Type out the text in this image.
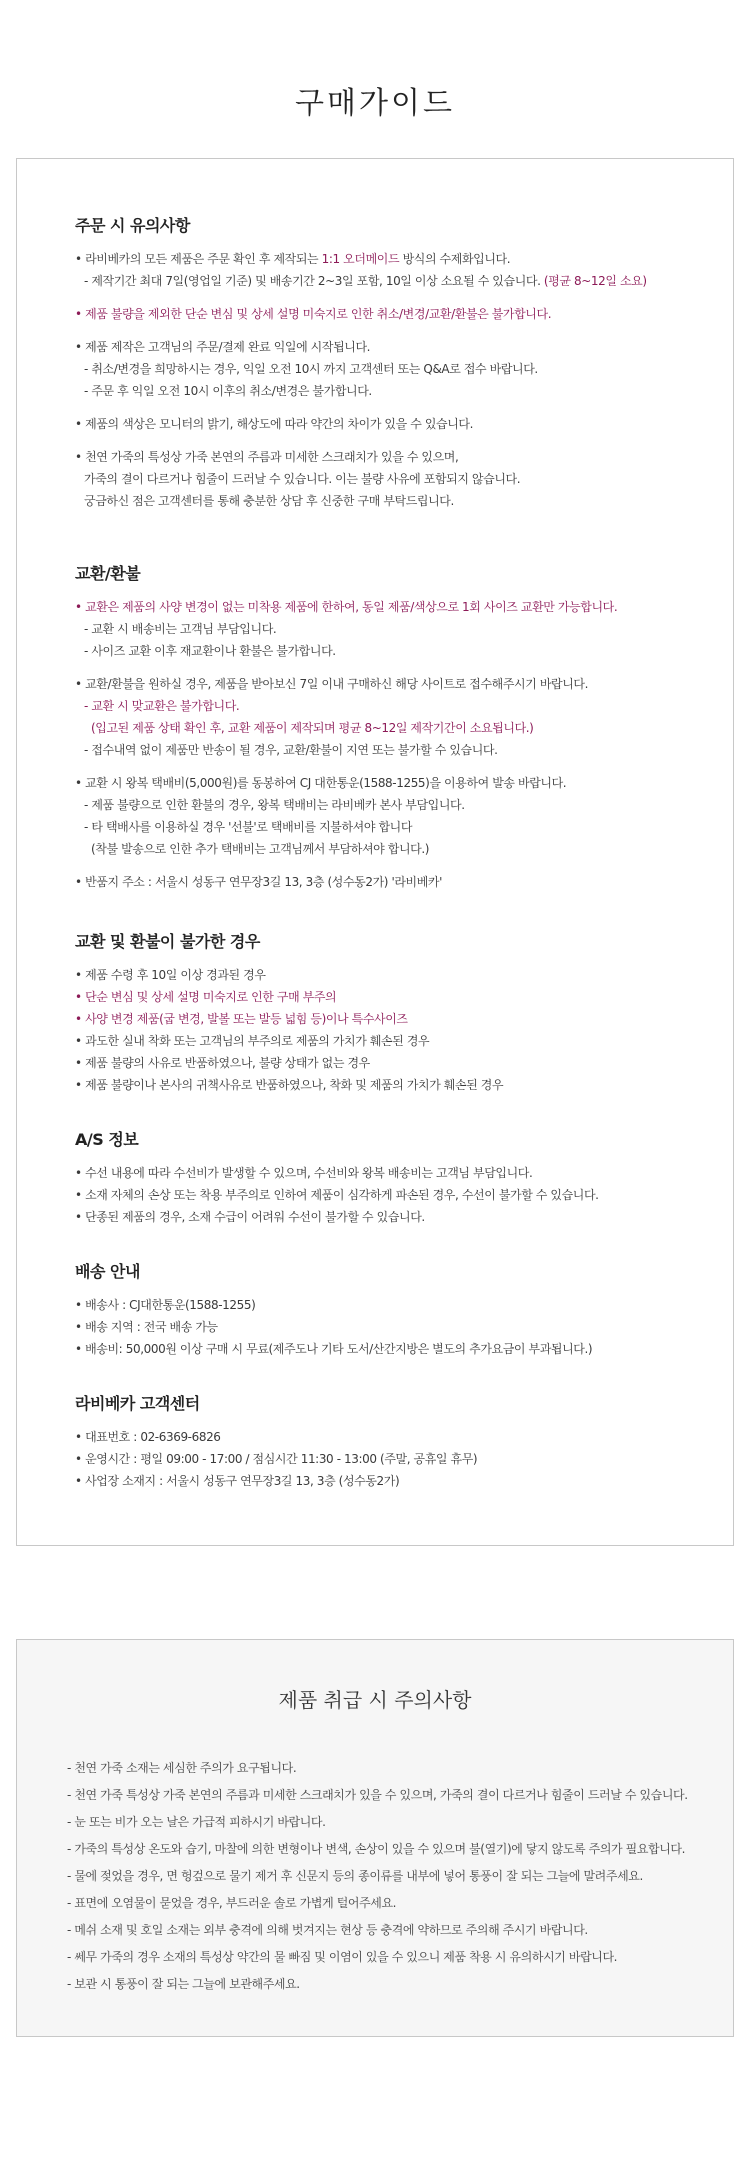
구매가이드
주문 시 유의사항
• 라비베카의 모든 제품은 주문 확인 후 제작되는 1:1 오더메이드 방식의 수제화입니다.
- 제작기간 최대 7일(영업일 기준) 및 배송기간 2~3일 포함, 10일 이상 소요될 수 있습니다. (평균 8~12일 소요)
• 제품 불량을 제외한 단순 변심 및 상세 설명 미숙지로 인한 취소/변경/교환/환불은 불가합니다.
• 제품 제작은 고객님의 주문/결제 완료 익일에 시작됩니다.
- 취소/변경을 희망하시는 경우, 익일 오전 10시 까지 고객센터 또는 Q&A로 접수 바랍니다.
- 주문 후 익일 오전 10시 이후의 취소/변경은 불가합니다.
• 제품의 색상은 모니터의 밝기, 해상도에 따라 약간의 차이가 있을 수 있습니다.
• 천연 가죽의 특성상 가죽 본연의 주름과 미세한 스크래치가 있을 수 있으며,
가죽의 결이 다르거나 힘줄이 드러날 수 있습니다. 이는 불량 사유에 포함되지 않습니다.
궁금하신 점은 고객센터를 통해 충분한 상담 후 신중한 구매 부탁드립니다.
교환/환불
• 교환은 제품의 사양 변경이 없는 미착용 제품에 한하여, 동일 제품/색상으로 1회 사이즈 교환만 가능합니다.
- 교환 시 배송비는 고객님 부담입니다.
- 사이즈 교환 이후 재교환이나 환불은 불가합니다.
• 교환/환불을 원하실 경우, 제품을 받아보신 7일 이내 구매하신 해당 사이트로 접수해주시기 바랍니다.
- 교환 시 맞교환은 불가합니다.
(입고된 제품 상태 확인 후, 교환 제품이 제작되며 평균 8~12일 제작기간이 소요됩니다.)
- 접수내역 없이 제품만 반송이 될 경우, 교환/환불이 지연 또는 불가할 수 있습니다.
• 교환 시 왕복 택배비(5,000원)를 동봉하여 CJ 대한통운(1588-1255)을 이용하여 발송 바랍니다.
- 제품 불량으로 인한 환불의 경우, 왕복 택배비는 라비베카 본사 부담입니다.
- 타 택배사를 이용하실 경우 '선불'로 택배비를 지불하셔야 합니다
(착불 발송으로 인한 추가 택배비는 고객님께서 부담하셔야 합니다.)
• 반품지 주소 : 서울시 성동구 연무장3길 13, 3층 (성수동2가) '라비베카'
교환 및 환불이 불가한 경우
• 제품 수령 후 10일 이상 경과된 경우
• 단순 변심 및 상세 설명 미숙지로 인한 구매 부주의
• 사양 변경 제품(굽 변경, 발볼 또는 발등 넓힘 등)이나 특수사이즈
• 과도한 실내 착화 또는 고객님의 부주의로 제품의 가치가 훼손된 경우
• 제품 불량의 사유로 반품하였으나, 불량 상태가 없는 경우
• 제품 불량이나 본사의 귀책사유로 반품하였으나, 착화 및 제품의 가치가 훼손된 경우
A/S 정보
• 수선 내용에 따라 수선비가 발생할 수 있으며, 수선비와 왕복 배송비는 고객님 부담입니다.
• 소재 자체의 손상 또는 착용 부주의로 인하여 제품이 심각하게 파손된 경우, 수선이 불가할 수 있습니다.
• 단종된 제품의 경우, 소재 수급이 어려워 수선이 불가할 수 있습니다.
배송 안내
• 배송사 : CJ대한통운(1588-1255)
• 배송 지역 : 전국 배송 가능
• 배송비: 50,000원 이상 구매 시 무료(제주도나 기타 도서/산간지방은 별도의 추가요금이 부과됩니다.)
라비베카 고객센터
• 대표번호 : 02-6369-6826
• 운영시간 : 평일 09:00 - 17:00 / 점심시간 11:30 - 13:00 (주말, 공휴일 휴무)
• 사업장 소재지 : 서울시 성동구 연무장3길 13, 3층 (성수동2가)
제품 취급 시 주의사항
- 천연 가죽 소재는 세심한 주의가 요구됩니다.
- 천연 가죽 특성상 가죽 본연의 주름과 미세한 스크래치가 있을 수 있으며, 가죽의 결이 다르거나 힘줄이 드러날 수 있습니다.
- 눈 또는 비가 오는 날은 가급적 피하시기 바랍니다.
- 가죽의 특성상 온도와 습기, 마찰에 의한 변형이나 변색, 손상이 있을 수 있으며 불(열기)에 닿지 않도록 주의가 필요합니다.
- 물에 젖었을 경우, 면 헝겊으로 물기 제거 후 신문지 등의 종이류를 내부에 넣어 통풍이 잘 되는 그늘에 말려주세요.
- 표면에 오염물이 묻었을 경우, 부드러운 솔로 가볍게 털어주세요.
- 메쉬 소재 및 호일 소재는 외부 충격에 의해 벗겨지는 현상 등 충격에 약하므로 주의해 주시기 바랍니다.
- 쎄무 가죽의 경우 소재의 특성상 약간의 물 빠짐 및 이염이 있을 수 있으니 제품 착용 시 유의하시기 바랍니다.
- 보관 시 통풍이 잘 되는 그늘에 보관해주세요.
